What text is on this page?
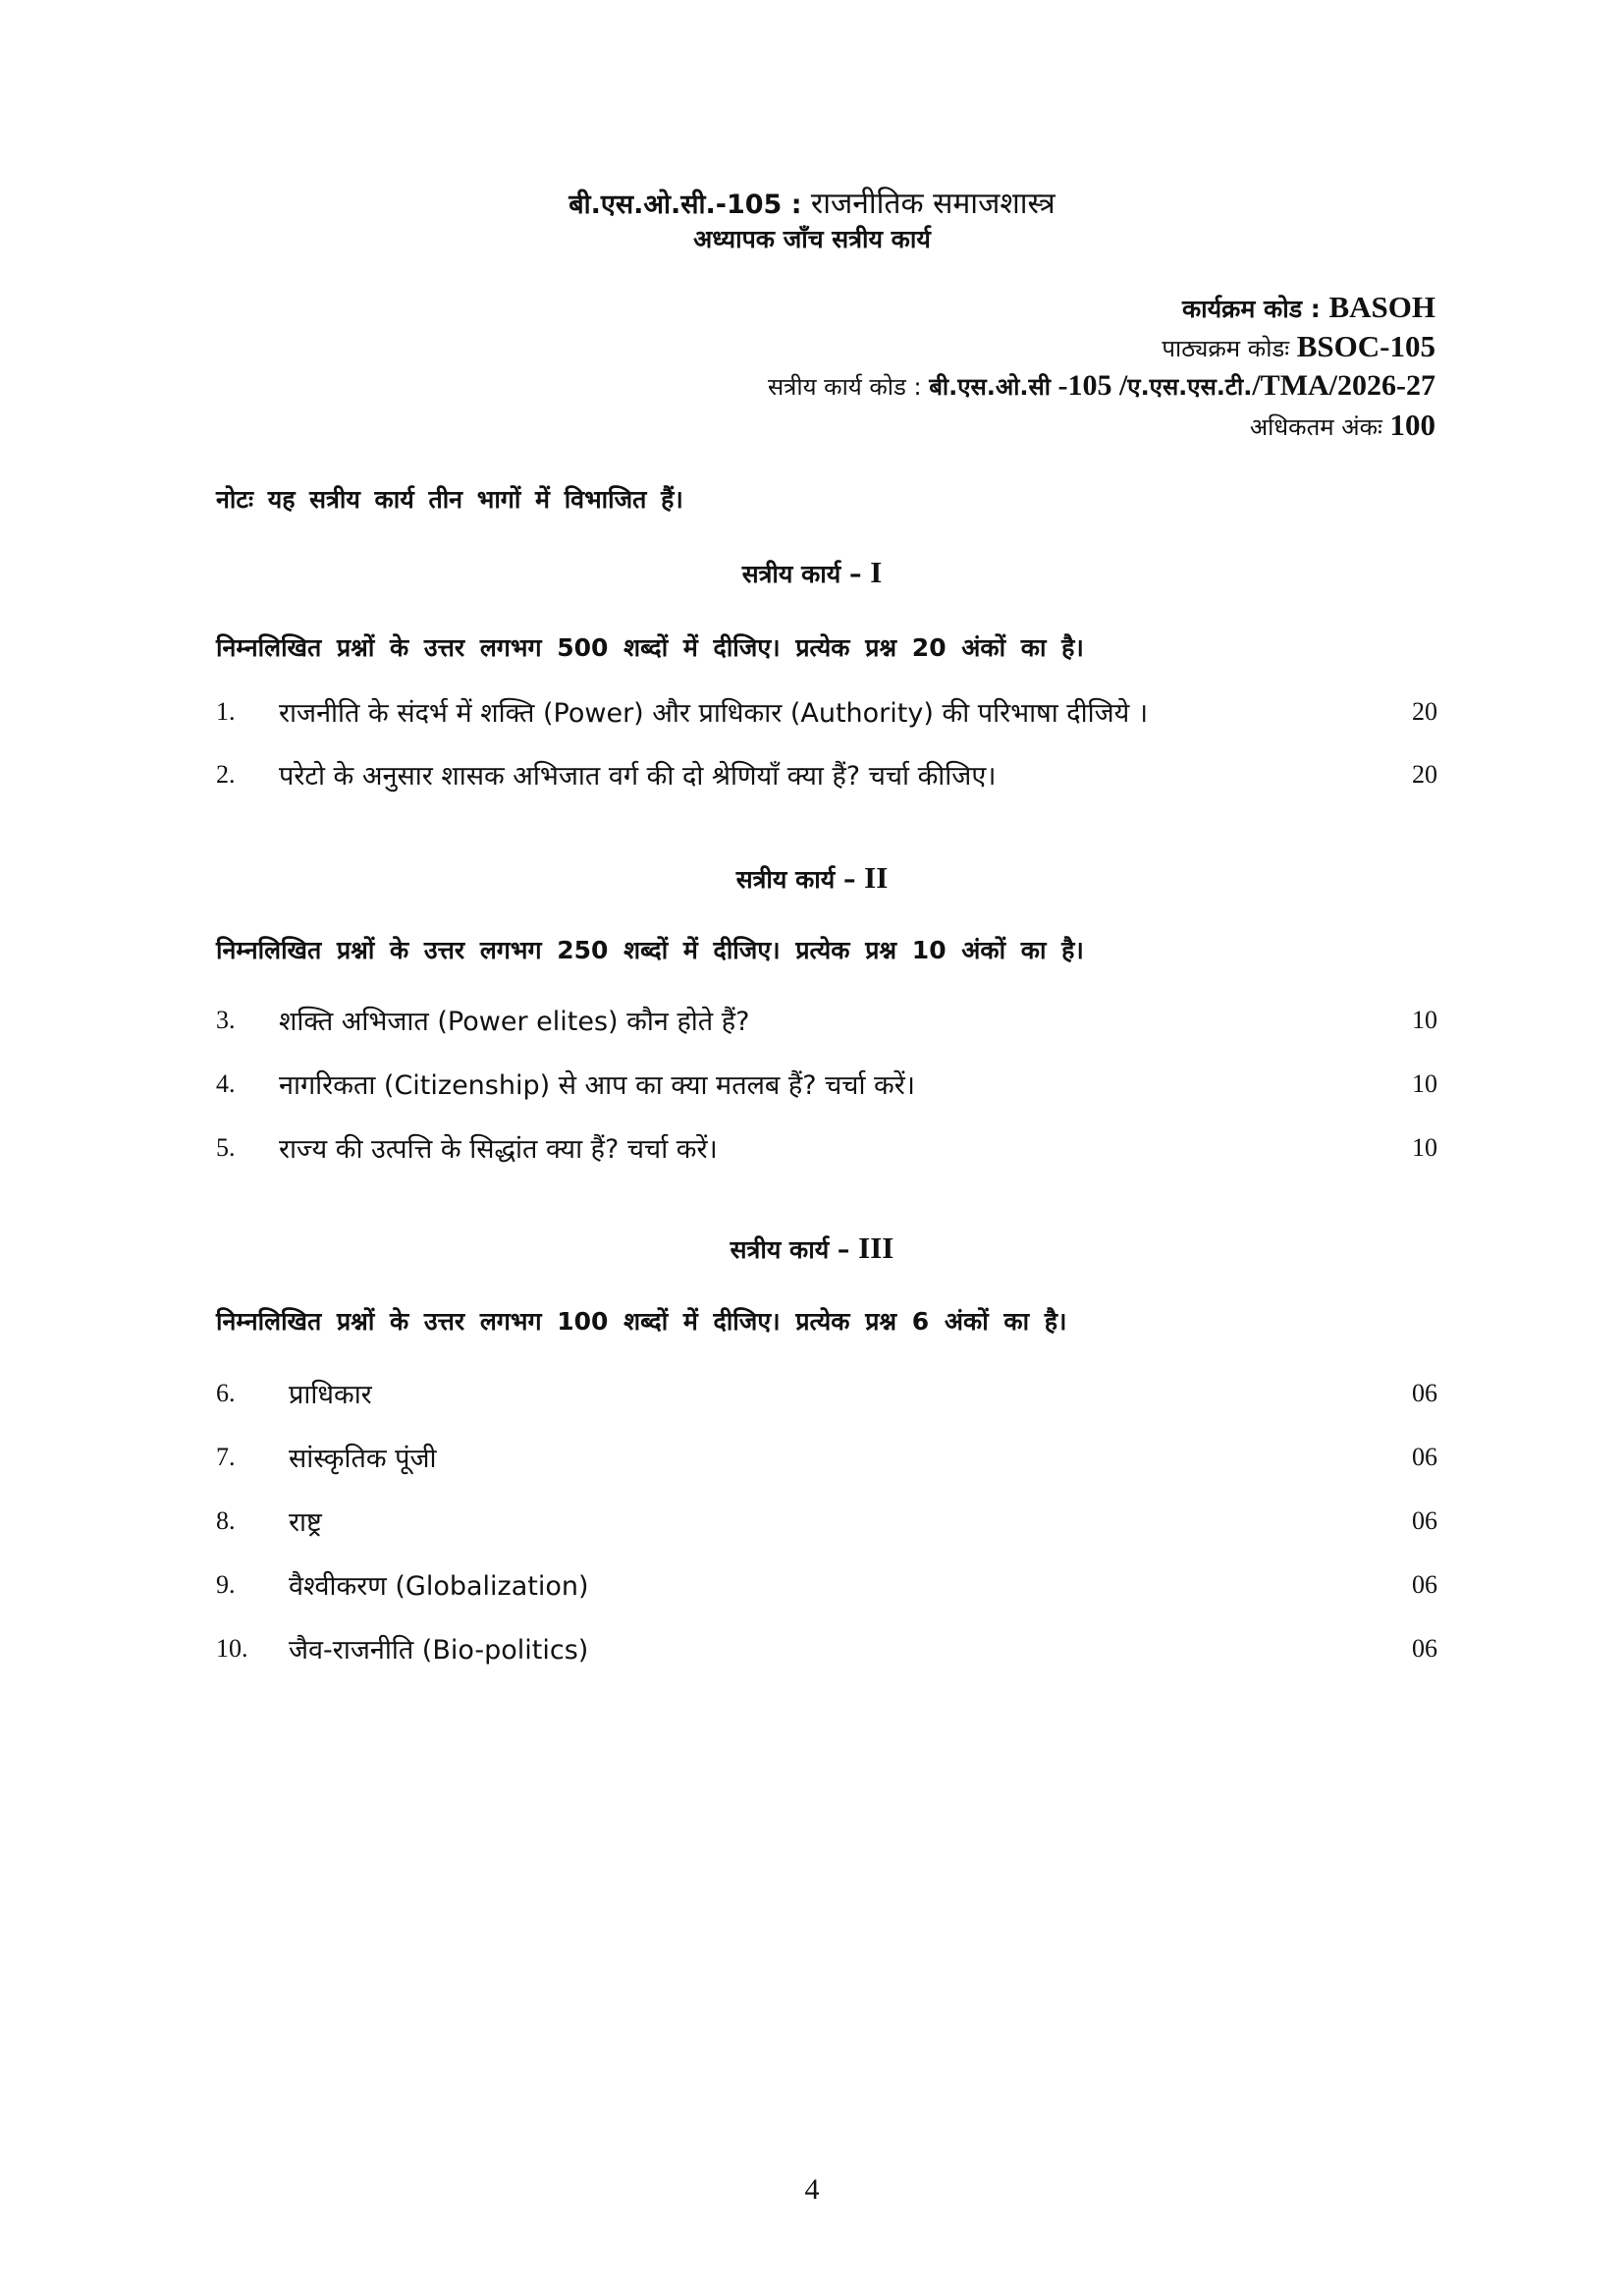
बी.एस.ओ.सी.-105 : राजनीतिक समाजशास्त्र
अध्यापक जाँच सत्रीय कार्य
कार्यक्रम कोड : BASOH
पाठ्यक्रम कोडः BSOC-105
सत्रीय कार्य कोड : बी.एस.ओ.सी -105 /ए.एस.एस.टी./TMA/2026-27
अधिकतम अंकः 100
नोटः यह सत्रीय कार्य तीन भागों में विभाजित हैं।
सत्रीय कार्य – I
निम्नलिखित प्रश्नों के उत्तर लगभग 500 शब्दों में दीजिए। प्रत्येक प्रश्न 20 अंकों का है।
1. राजनीति के संदर्भ में शक्ति (Power) और प्राधिकार (Authority) की परिभाषा दीजिये ।	20
2. परेटो के अनुसार शासक अभिजात वर्ग की दो श्रेणियाँ क्या हैं? चर्चा कीजिए।	20
सत्रीय कार्य – II
निम्नलिखित प्रश्नों के उत्तर लगभग 250 शब्दों में दीजिए। प्रत्येक प्रश्न 10 अंकों का है।
3. शक्ति अभिजात (Power elites) कौन होते हैं?	10
4. नागरिकता (Citizenship) से आप का क्या मतलब हैं? चर्चा करें।	10
5. राज्य की उत्पत्ति के सिद्धांत क्या हैं? चर्चा करें।	10
सत्रीय कार्य – III
निम्नलिखित प्रश्नों के उत्तर लगभग 100 शब्दों में दीजिए। प्रत्येक प्रश्न 6 अंकों का है।
6. प्राधिकार	06
7. सांस्कृतिक पूंजी	06
8. राष्ट्र	06
9. वैश्वीकरण (Globalization)	06
10. जैव-राजनीति (Bio-politics)	06
4
